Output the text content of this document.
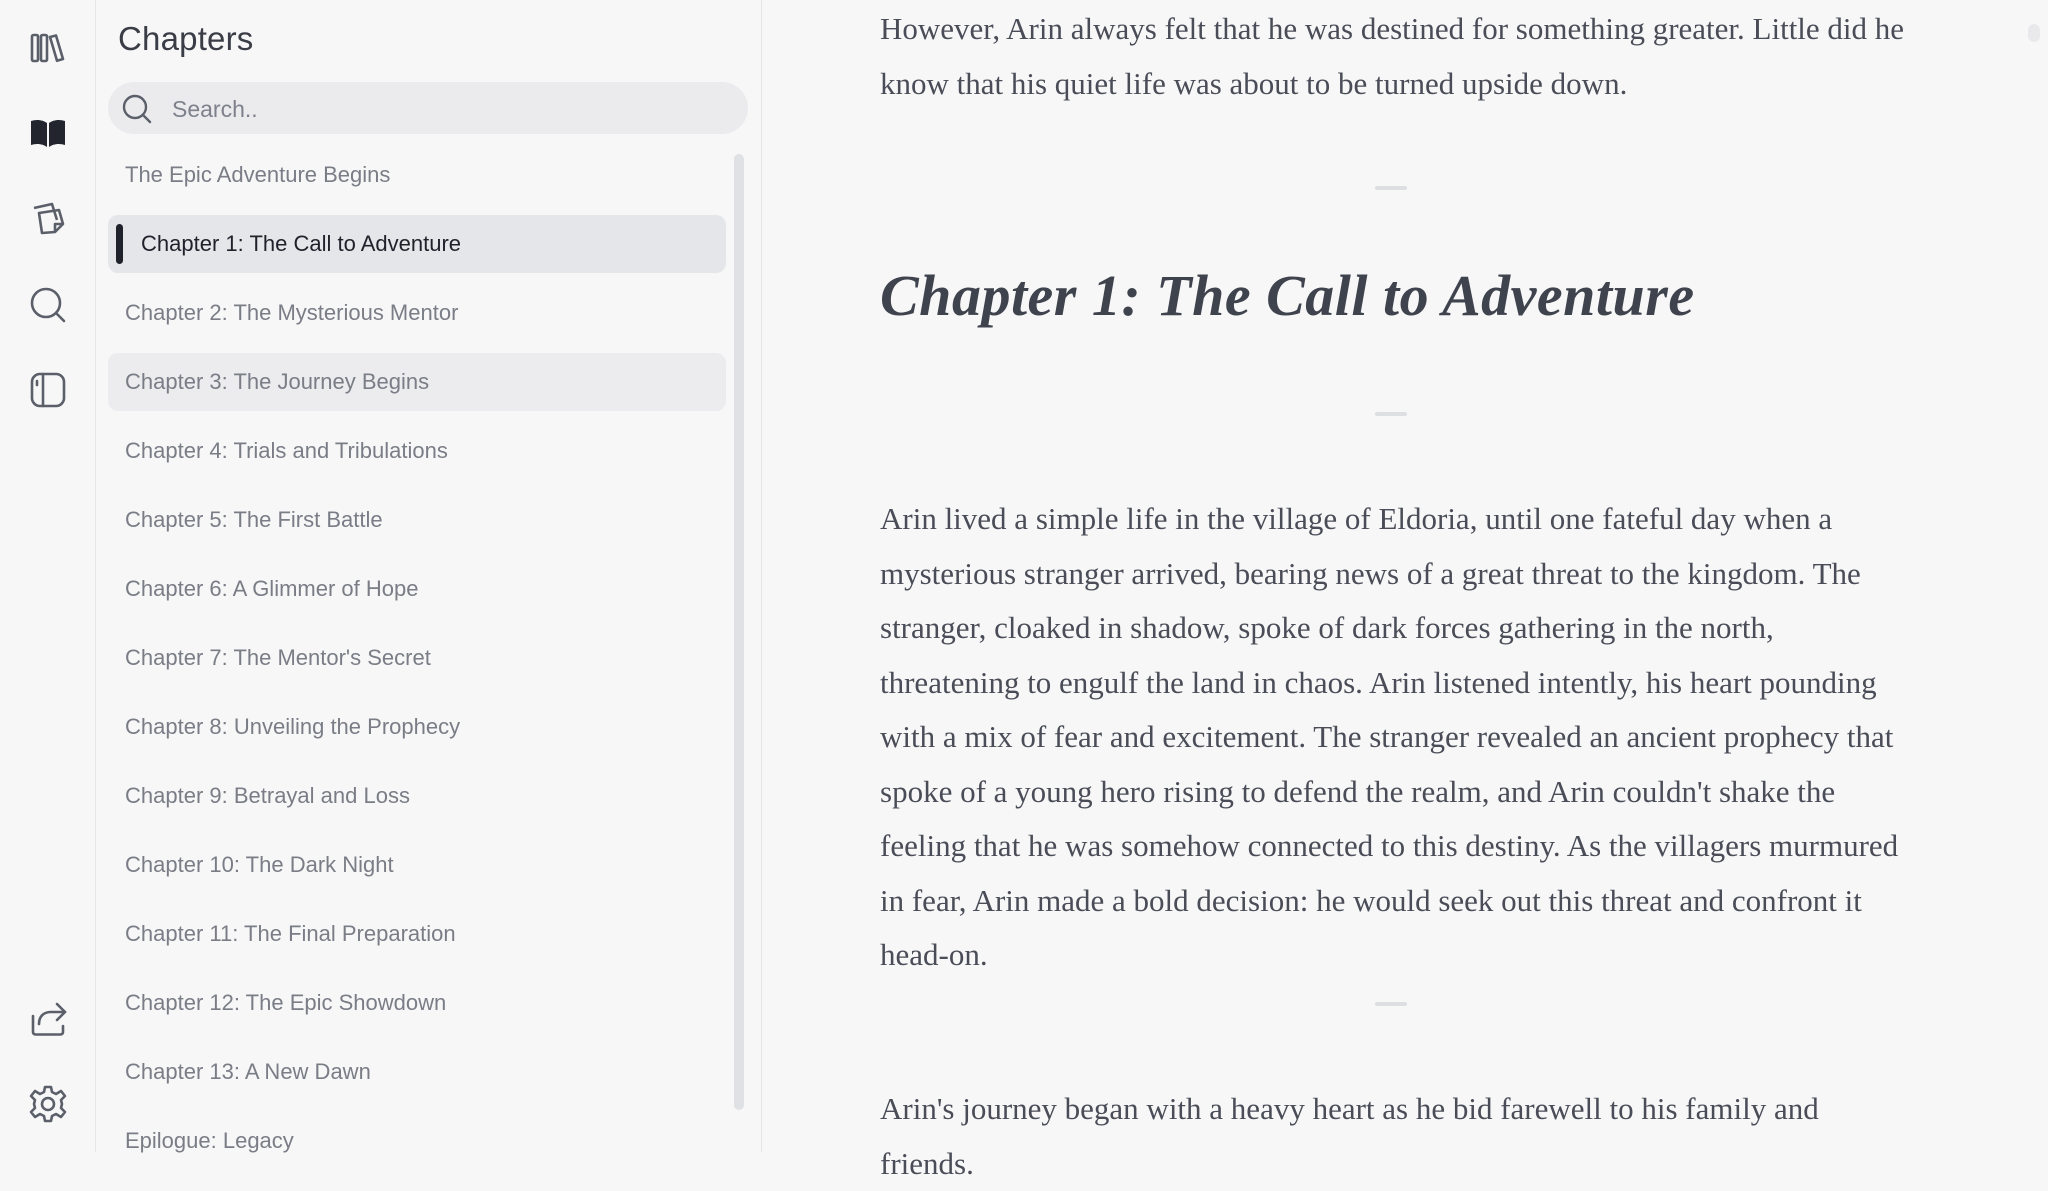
Chapters
Search..
The Epic Adventure Begins
Chapter 1: The Call to Adventure
Chapter 2: The Mysterious Mentor
Chapter 3: The Journey Begins
Chapter 4: Trials and Tribulations
Chapter 5: The First Battle
Chapter 6: A Glimmer of Hope
Chapter 7: The Mentor's Secret
Chapter 8: Unveiling the Prophecy
Chapter 9: Betrayal and Loss
Chapter 10: The Dark Night
Chapter 11: The Final Preparation
Chapter 12: The Epic Showdown
Chapter 13: A New Dawn
Epilogue: Legacy

However, Arin always felt that he was destined for something greater. Little did he know that his quiet life was about to be turned upside down.

Chapter 1: The Call to Adventure

Arin lived a simple life in the village of Eldoria, until one fateful day when a mysterious stranger arrived, bearing news of a great threat to the kingdom. The stranger, cloaked in shadow, spoke of dark forces gathering in the north, threatening to engulf the land in chaos. Arin listened intently, his heart pounding with a mix of fear and excitement. The stranger revealed an ancient prophecy that spoke of a young hero rising to defend the realm, and Arin couldn't shake the feeling that he was somehow connected to this destiny. As the villagers murmured in fear, Arin made a bold decision: he would seek out this threat and confront it head-on.

Arin's journey began with a heavy heart as he bid farewell to his family and friends.
